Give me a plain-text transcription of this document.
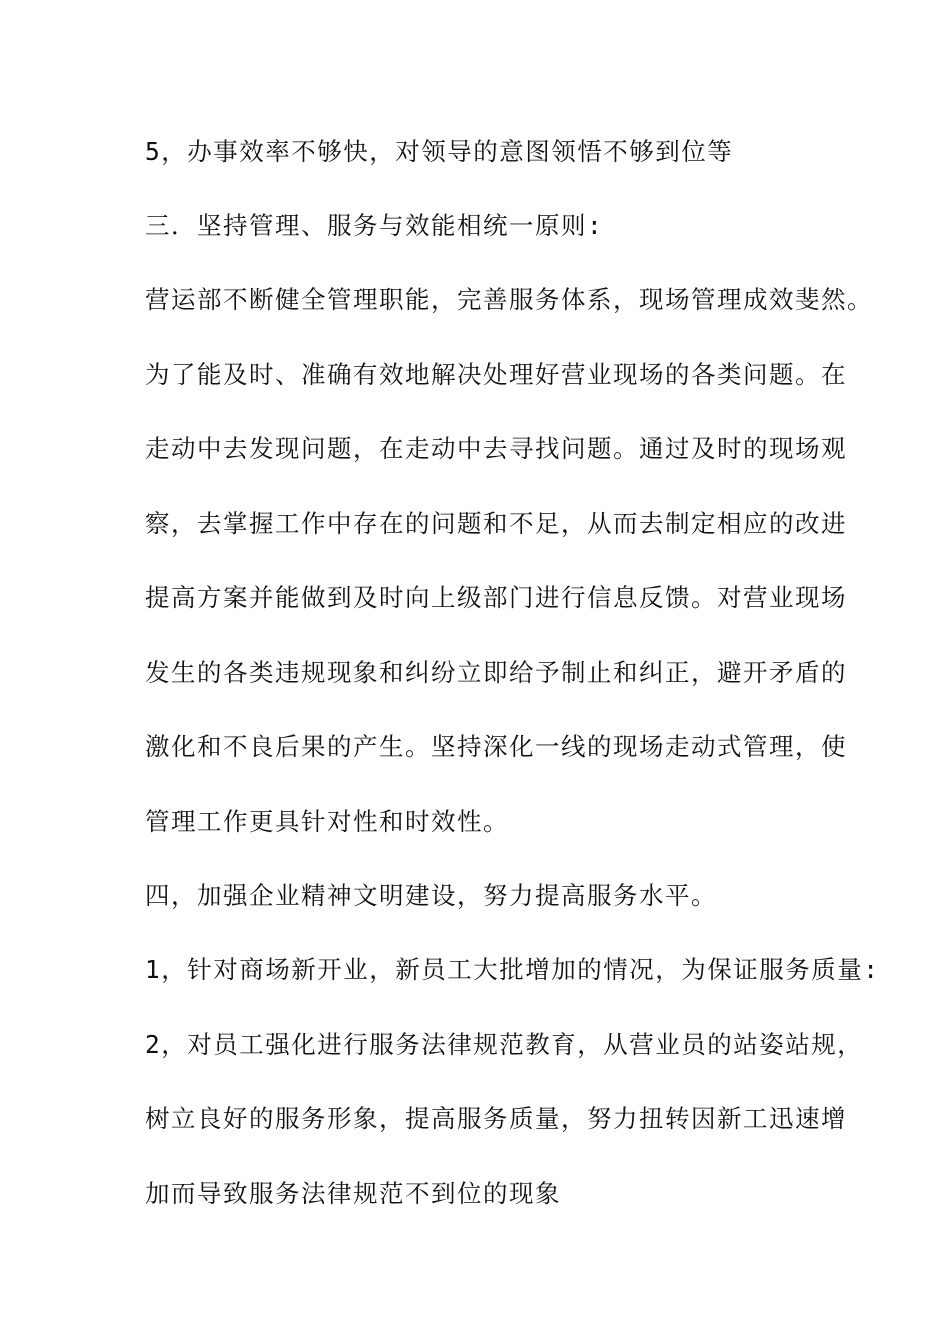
5，办事效率不够快，对领导的意图领悟不够到位等
三．坚持管理、服务与效能相统一原则:
营运部不断健全管理职能，完善服务体系，现场管理成效斐然。
为了能及时、准确有效地解决处理好营业现场的各类问题。在
走动中去发现问题，在走动中去寻找问题。通过及时的现场观
察，去掌握工作中存在的问题和不足，从而去制定相应的改进
提高方案并能做到及时向上级部门进行信息反馈。对营业现场
发生的各类违规现象和纠纷立即给予制止和纠正，避开矛盾的
激化和不良后果的产生。坚持深化一线的现场走动式管理，使
管理工作更具针对性和时效性。
四，加强企业精神文明建设，努力提高服务水平。
1，针对商场新开业，新员工大批增加的情况，为保证服务质量:
2，对员工强化进行服务法律规范教育，从营业员的站姿站规，
树立良好的服务形象，提高服务质量，努力扭转因新工迅速增
加而导致服务法律规范不到位的现象
